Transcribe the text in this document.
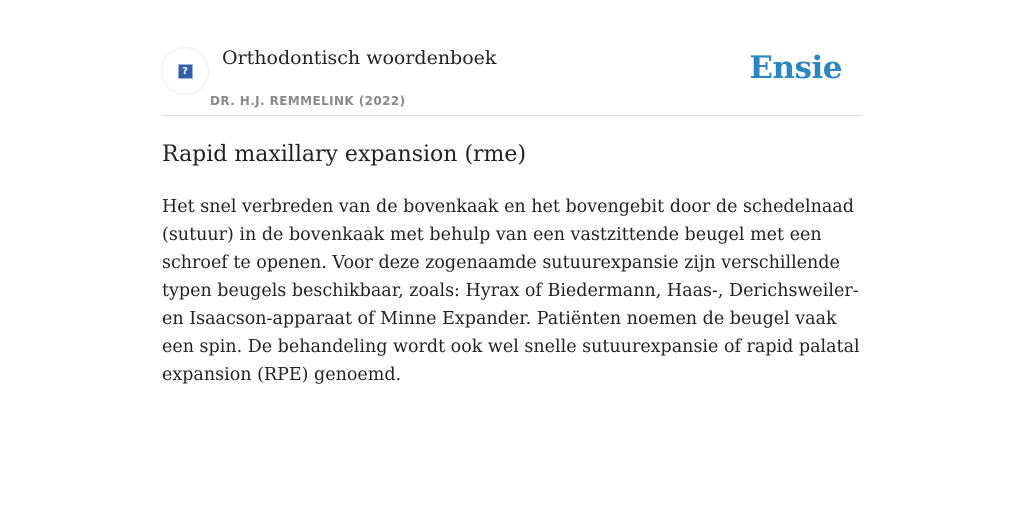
?
Orthodontisch woordenboek
DR. H.J. REMMELINK (2022)
Ensie
Rapid maxillary expansion (rme)

Het snel verbreden van de bovenkaak en het bovengebit door de schedelnaad (sutuur) in de bovenkaak met behulp van een vastzittende beugel met een schroef te openen. Voor deze zogenaamde sutuurexpansie zijn verschillende typen beugels beschikbaar, zoals: Hyrax of Biedermann, Haas-, Derichsweiler- en Isaacson-apparaat of Minne Expander. Patiënten noemen de beugel vaak een spin. De behandeling wordt ook wel snelle sutuurexpansie of rapid palatal expansion (RPE) genoemd.
